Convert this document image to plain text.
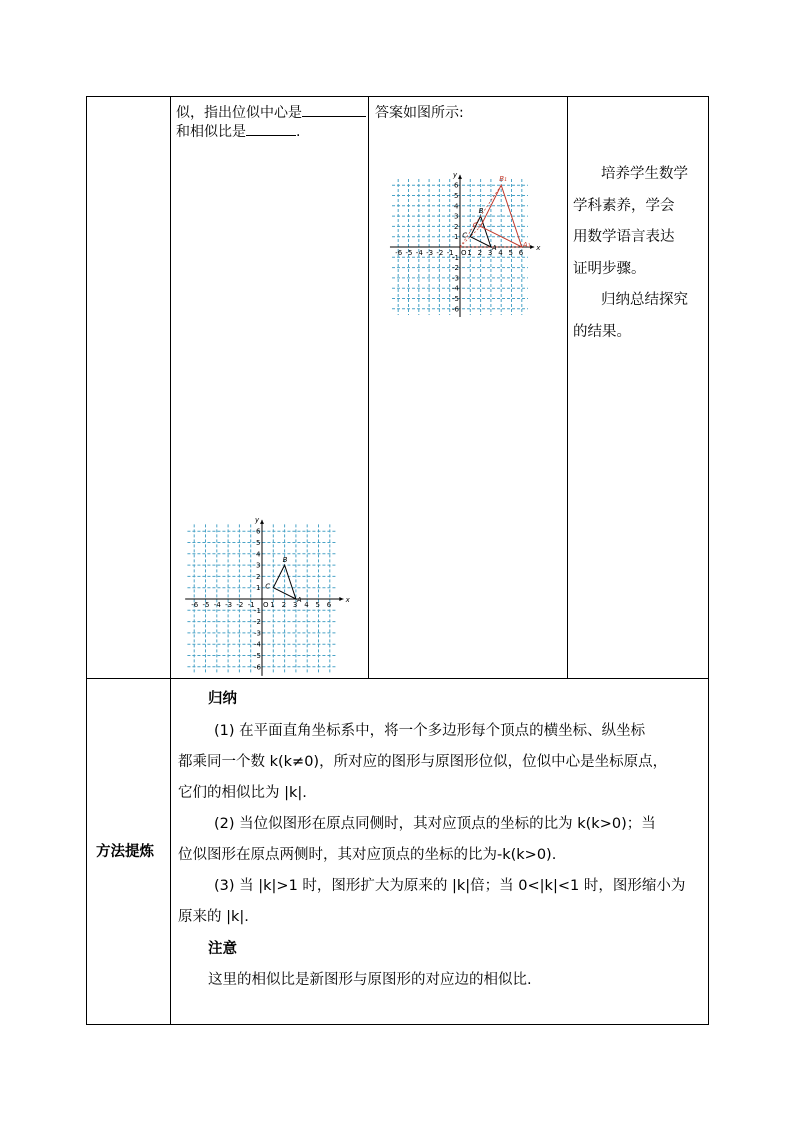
似，指出位似中心是
和相似比是	.
x
y
O
-6 -5 -4 -3 -2 -1 1 2 3 4 5 6
6
5
4
3
2
1
-1
-2
-3
-4
-5
-6
A
B
C
答案如图所示:
x
y
O
-6 -5 -4 -3 -2 -1 1 2 3 4 5 6
6
5
4
3
2
1
-1
-2
-3
-4
-5
-6
A
B
C
A₁
B₁
C₁
培养学生数学
学科素养，学会
用数学语言表达
证明步骤。
归纳总结探究
的结果。
方法提炼
归纳
(1) 在平面直角坐标系中，将一个多边形每个顶点的横坐标、纵坐标
都乘同一个数 k(k≠0)，所对应的图形与原图形位似，位似中心是坐标原点，
它们的相似比为 |k|.
(2) 当位似图形在原点同侧时，其对应顶点的坐标的比为 k(k>0)；当
位似图形在原点两侧时，其对应顶点的坐标的比为-k(k>0).
(3) 当 |k|>1 时，图形扩大为原来的 |k|倍；当 0<|k|<1 时，图形缩小为
原来的 |k|.
注意
这里的相似比是新图形与原图形的对应边的相似比.
